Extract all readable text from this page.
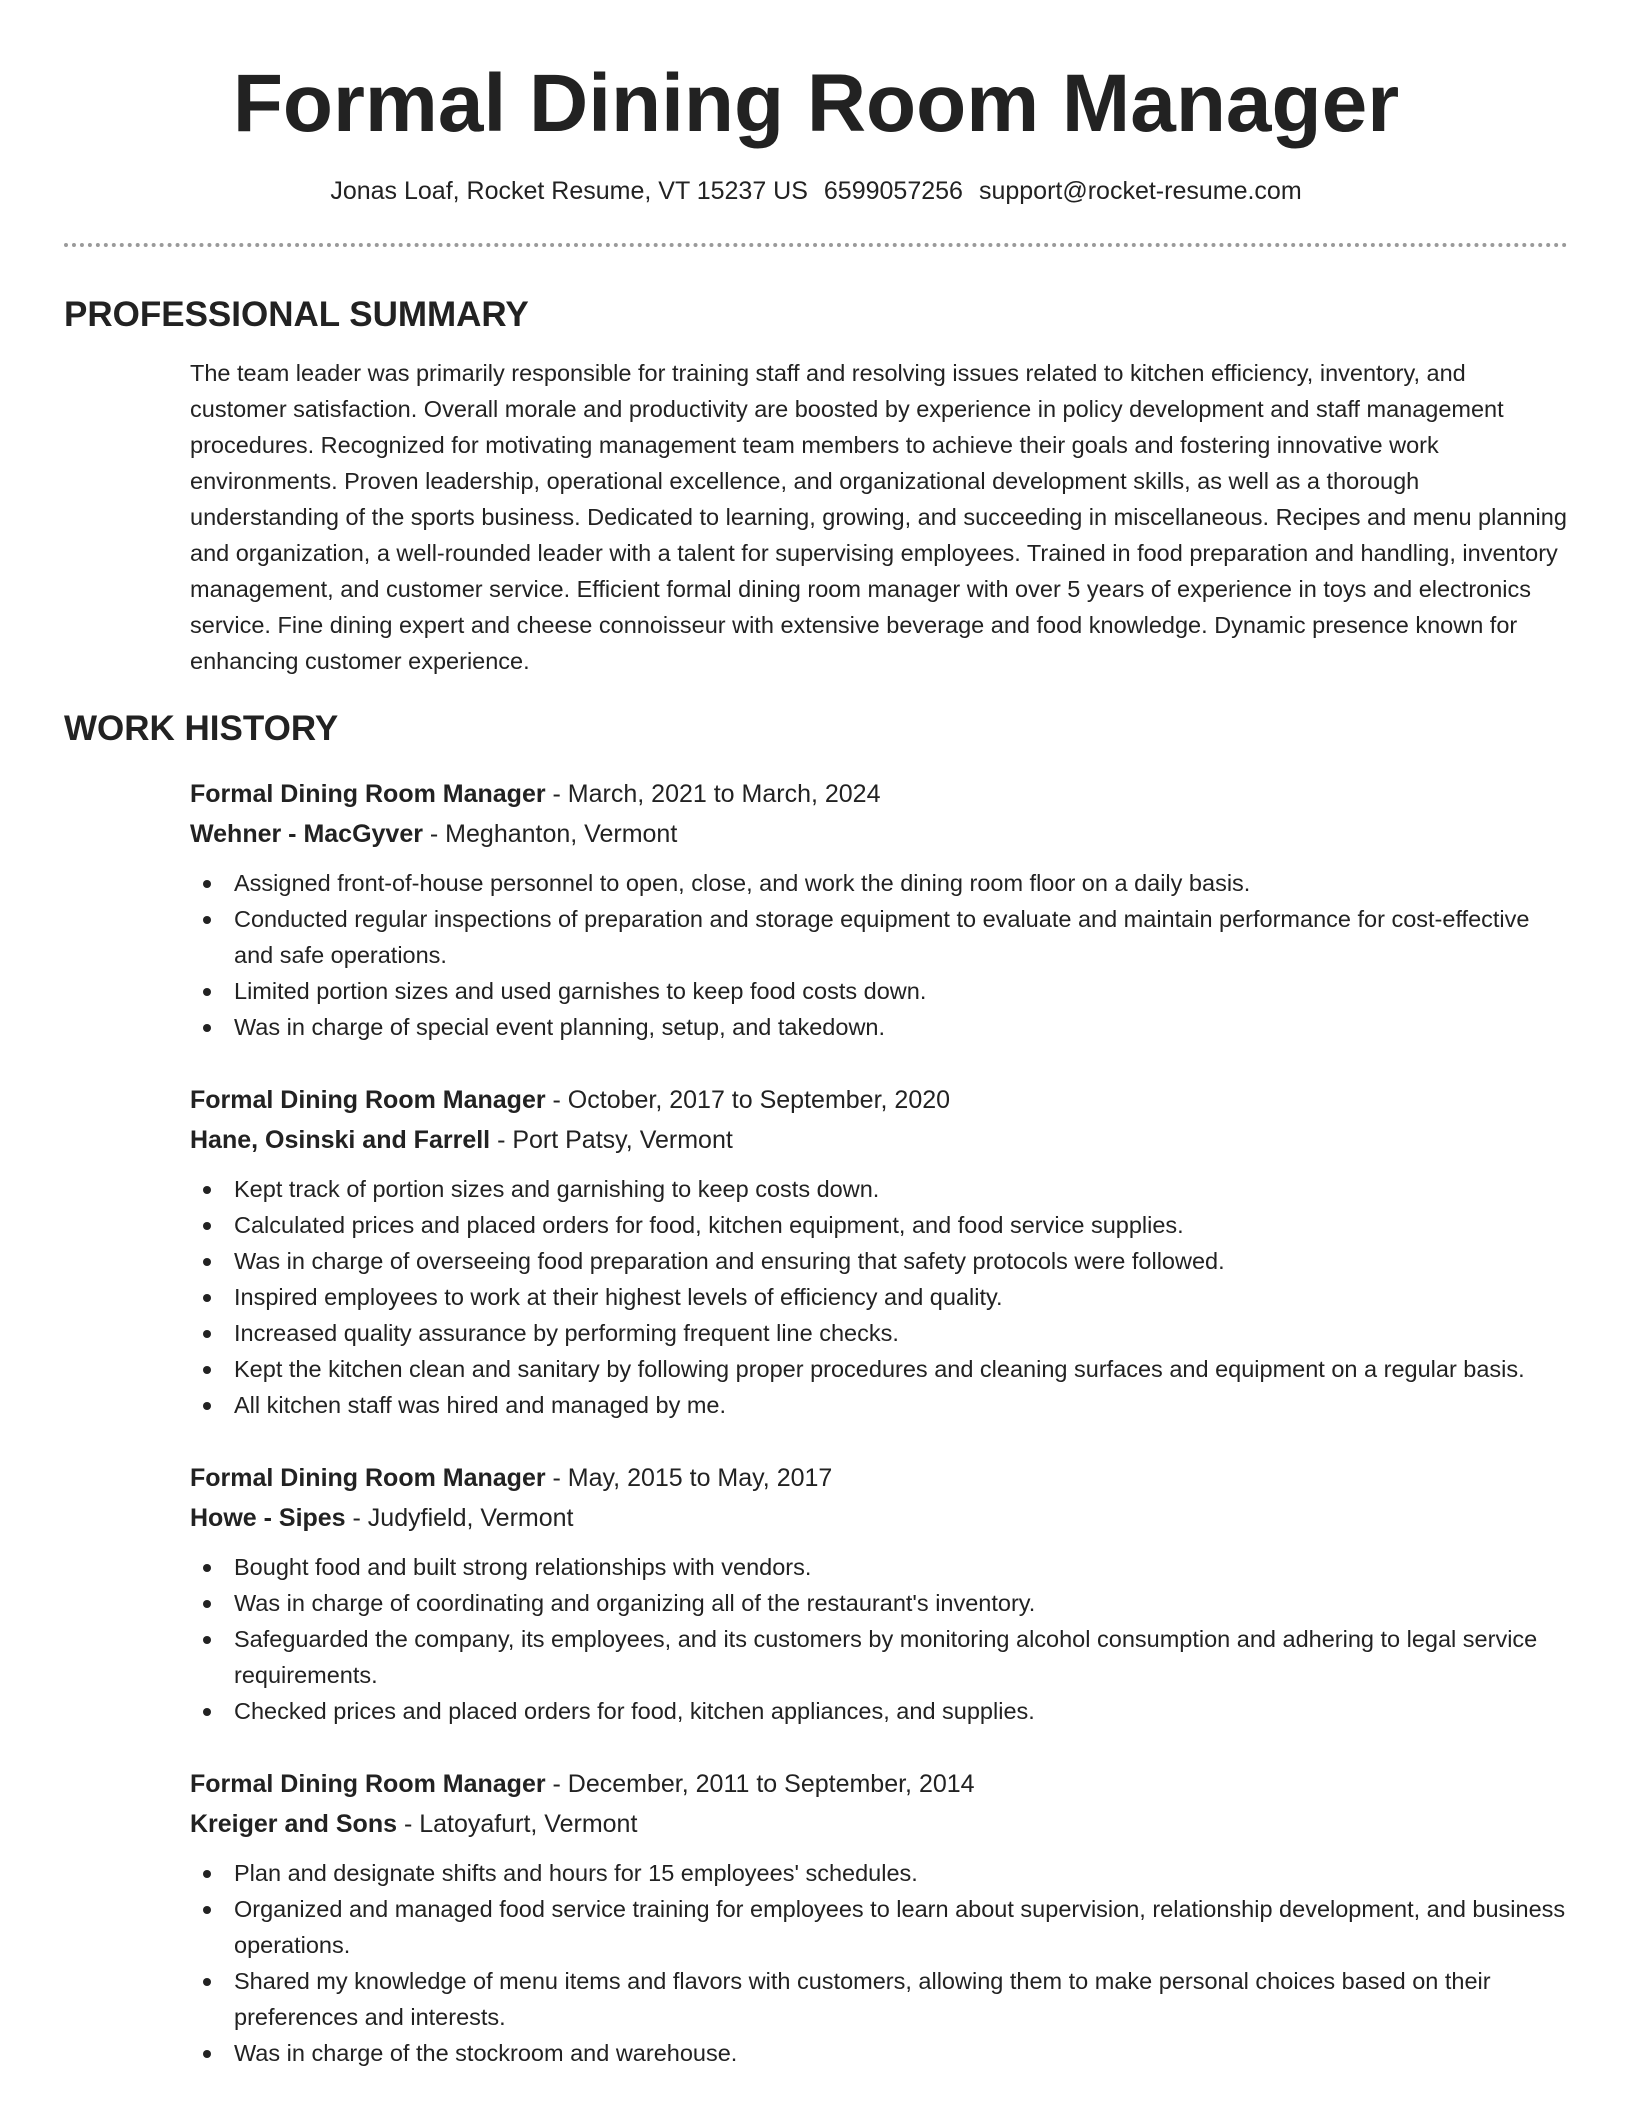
Formal Dining Room Manager
Jonas Loaf, Rocket Resume, VT 15237 US 6599057256 support@rocket-resume.com
PROFESSIONAL SUMMARY

The team leader was primarily responsible for training staff and resolving issues related to kitchen efficiency, inventory, and customer satisfaction. Overall morale and productivity are boosted by experience in policy development and staff management procedures. Recognized for motivating management team members to achieve their goals and fostering innovative work environments. Proven leadership, operational excellence, and organizational development skills, as well as a thorough understanding of the sports business. Dedicated to learning, growing, and succeeding in miscellaneous. Recipes and menu planning and organization, a well-rounded leader with a talent for supervising employees. Trained in food preparation and handling, inventory management, and customer service. Efficient formal dining room manager with over 5 years of experience in toys and electronics service. Fine dining expert and cheese connoisseur with extensive beverage and food knowledge. Dynamic presence known for enhancing customer experience.

WORK HISTORY
Formal Dining Room Manager - March, 2021 to March, 2024
Wehner - MacGyver - Meghanton, Vermont
Assigned front-of-house personnel to open, close, and work the dining room floor on a daily basis.
Conducted regular inspections of preparation and storage equipment to evaluate and maintain performance for cost-effective and safe operations.
Limited portion sizes and used garnishes to keep food costs down.
Was in charge of special event planning, setup, and takedown.
Formal Dining Room Manager - October, 2017 to September, 2020
Hane, Osinski and Farrell - Port Patsy, Vermont
Kept track of portion sizes and garnishing to keep costs down.
Calculated prices and placed orders for food, kitchen equipment, and food service supplies.
Was in charge of overseeing food preparation and ensuring that safety protocols were followed.
Inspired employees to work at their highest levels of efficiency and quality.
Increased quality assurance by performing frequent line checks.
Kept the kitchen clean and sanitary by following proper procedures and cleaning surfaces and equipment on a regular basis.
All kitchen staff was hired and managed by me.
Formal Dining Room Manager - May, 2015 to May, 2017
Howe - Sipes - Judyfield, Vermont
Bought food and built strong relationships with vendors.
Was in charge of coordinating and organizing all of the restaurant's inventory.
Safeguarded the company, its employees, and its customers by monitoring alcohol consumption and adhering to legal service requirements.
Checked prices and placed orders for food, kitchen appliances, and supplies.
Formal Dining Room Manager - December, 2011 to September, 2014
Kreiger and Sons - Latoyafurt, Vermont
Plan and designate shifts and hours for 15 employees' schedules.
Organized and managed food service training for employees to learn about supervision, relationship development, and business operations.
Shared my knowledge of menu items and flavors with customers, allowing them to make personal choices based on their preferences and interests.
Was in charge of the stockroom and warehouse.
